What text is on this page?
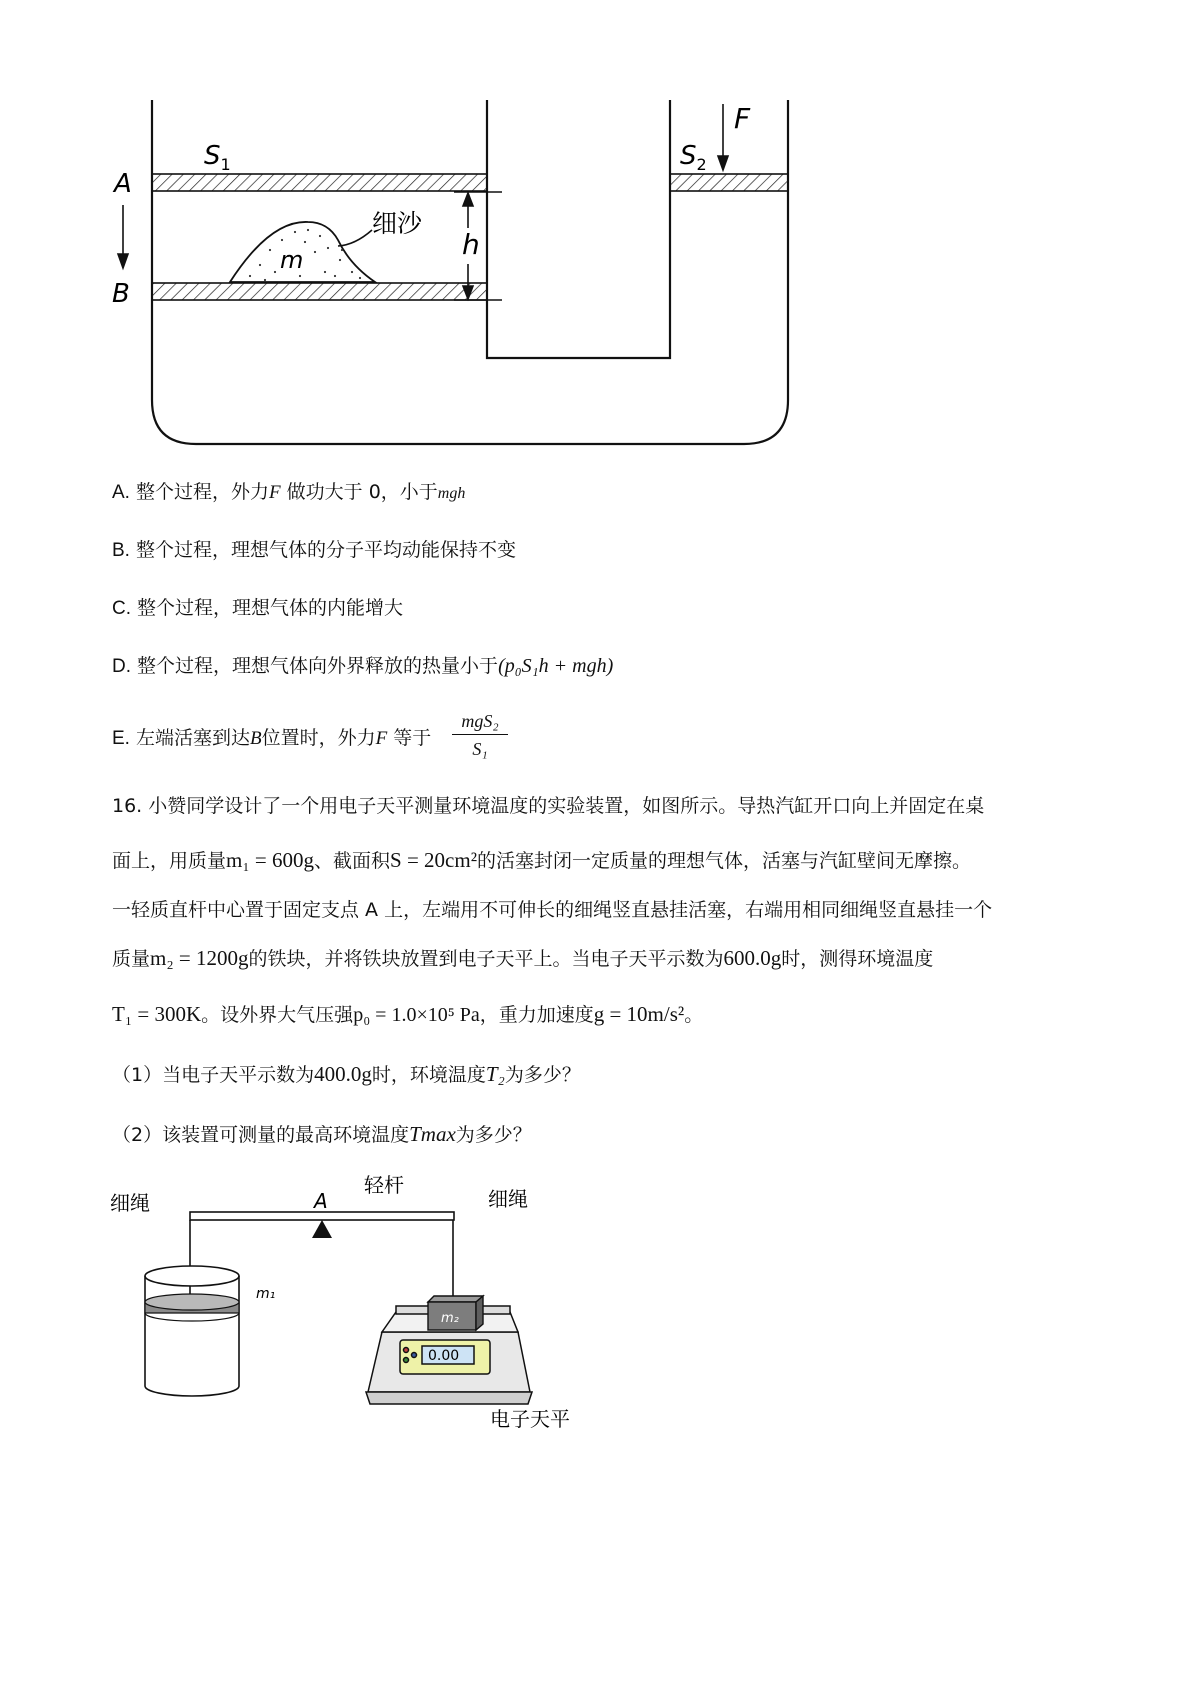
A
B
$S_1$	$S_2$
F
h
m
细沙
A. 整个过程，外力F 做功大于 0，小于mgh
B. 整个过程，理想气体的分子平均动能保持不变
C. 整个过程，理想气体的内能增大
D. 整个过程，理想气体向外界释放的热量小于(p₀S₁h + mgh)
E. 左端活塞到达B位置时，外力F 等于
mgS₂
S₁
16. 小赞同学设计了一个用电子天平测量环境温度的实验装置，如图所示。导热汽缸开口向上并固定在桌
面上，用质量m₁ = 600g、截面积S = 20cm²的活塞封闭一定质量的理想气体，活塞与汽缸壁间无摩擦。
一轻质直杆中心置于固定支点 A 上，左端用不可伸长的细绳竖直悬挂活塞，右端用相同细绳竖直悬挂一个
质量m₂ = 1200g的铁块，并将铁块放置到电子天平上。当电子天平示数为600.0g时，测得环境温度
T₁ = 300K。设外界大气压强p₀ = 1.0×10⁵ Pa，重力加速度g = 10m/s²。
（1）当电子天平示数为400.0g时，环境温度T₂为多少？
（2）该装置可测量的最高环境温度Tmax为多少？
细绳	细绳
轻杆
A
m₁
m₂
0.00
电子天平
